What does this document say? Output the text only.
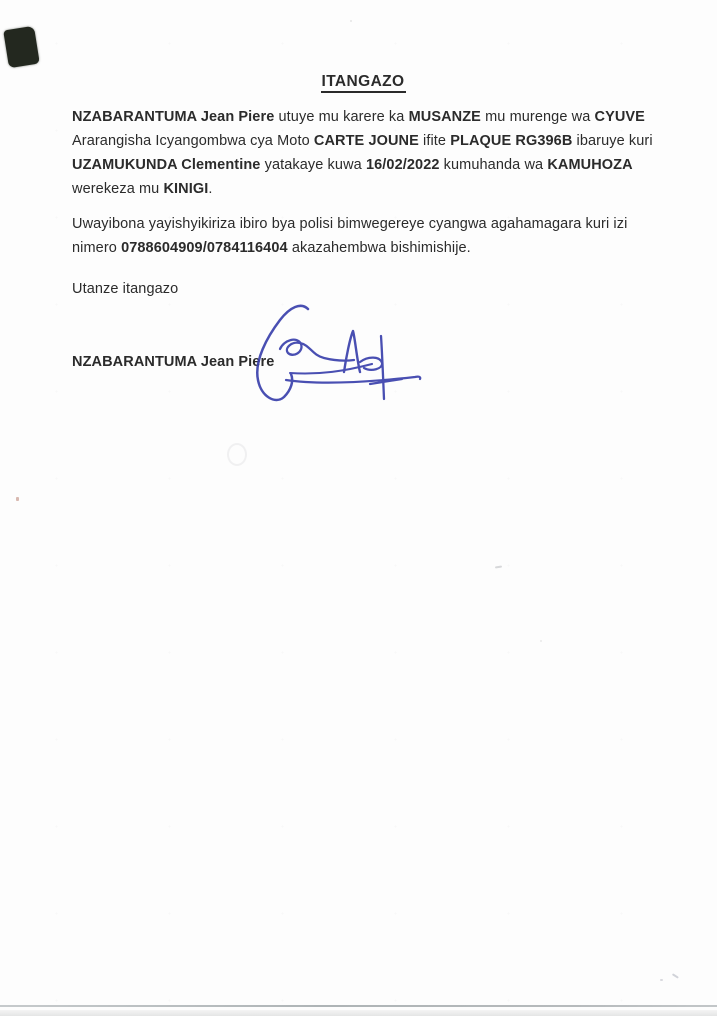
ITANGAZO

NZABARANTUMA Jean Piere utuye mu karere ka MUSANZE mu murenge wa CYUVE Ararangisha Icyangombwa cya Moto CARTE JOUNE ifite PLAQUE RG396B ibaruye kuri UZAMUKUNDA Clementine yatakaye kuwa 16/02/2022 kumuhanda wa KAMUHOZA werekeza mu KINIGI.

Uwayibona yayishyikiriza ibiro bya polisi bimwegereye cyangwa agahamagara kuri izi nimero 0788604909/0784116404 akazahembwa bishimishije.

Utanze itangazo

NZABARANTUMA Jean Piere
